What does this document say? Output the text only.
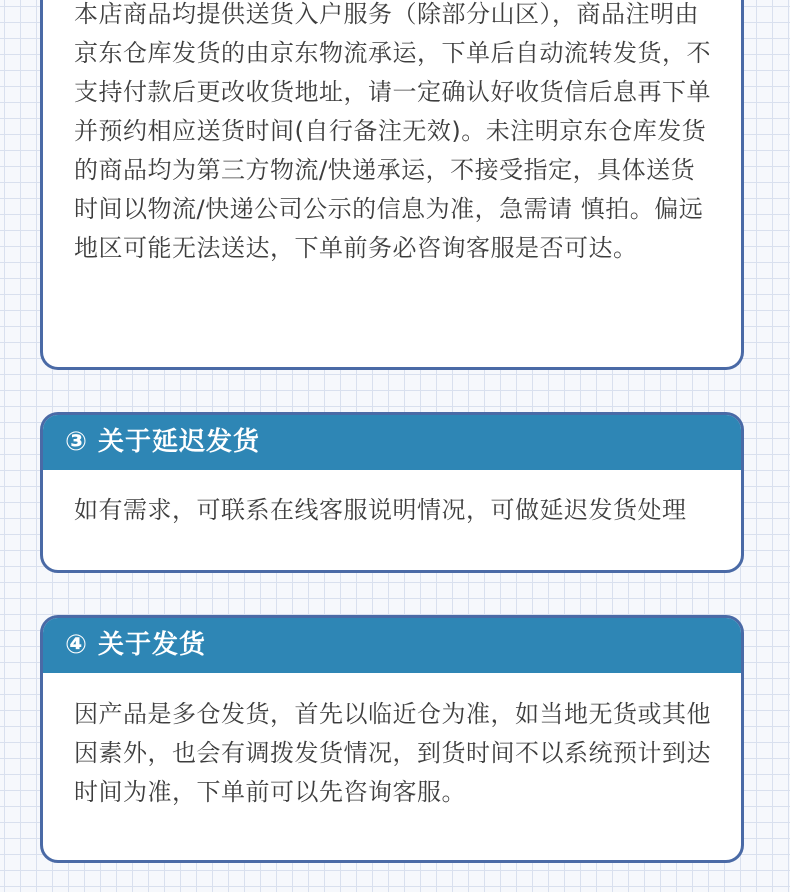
本店商品均提供送货入户服务（除部分山区），商品注明由京东仓库发货的由京东物流承运，下单后自动流转发货，不支持付款后更改收货地址，请一定确认好收货信后息再下单并预约相应送货时间(自行备注无效)。未注明京东仓库发货的商品均为第三方物流/快递承运，不接受指定，具体送货时间以物流/快递公司公示的信息为准，急需请 慎拍。偏远地区可能无法送达，下单前务必咨询客服是否可达。

③ 关于延迟发货

如有需求，可联系在线客服说明情况，可做延迟发货处理

④ 关于发货

因产品是多仓发货，首先以临近仓为准，如当地无货或其他因素外，也会有调拨发货情况，到货时间不以系统预计到达时间为准，下单前可以先咨询客服。
